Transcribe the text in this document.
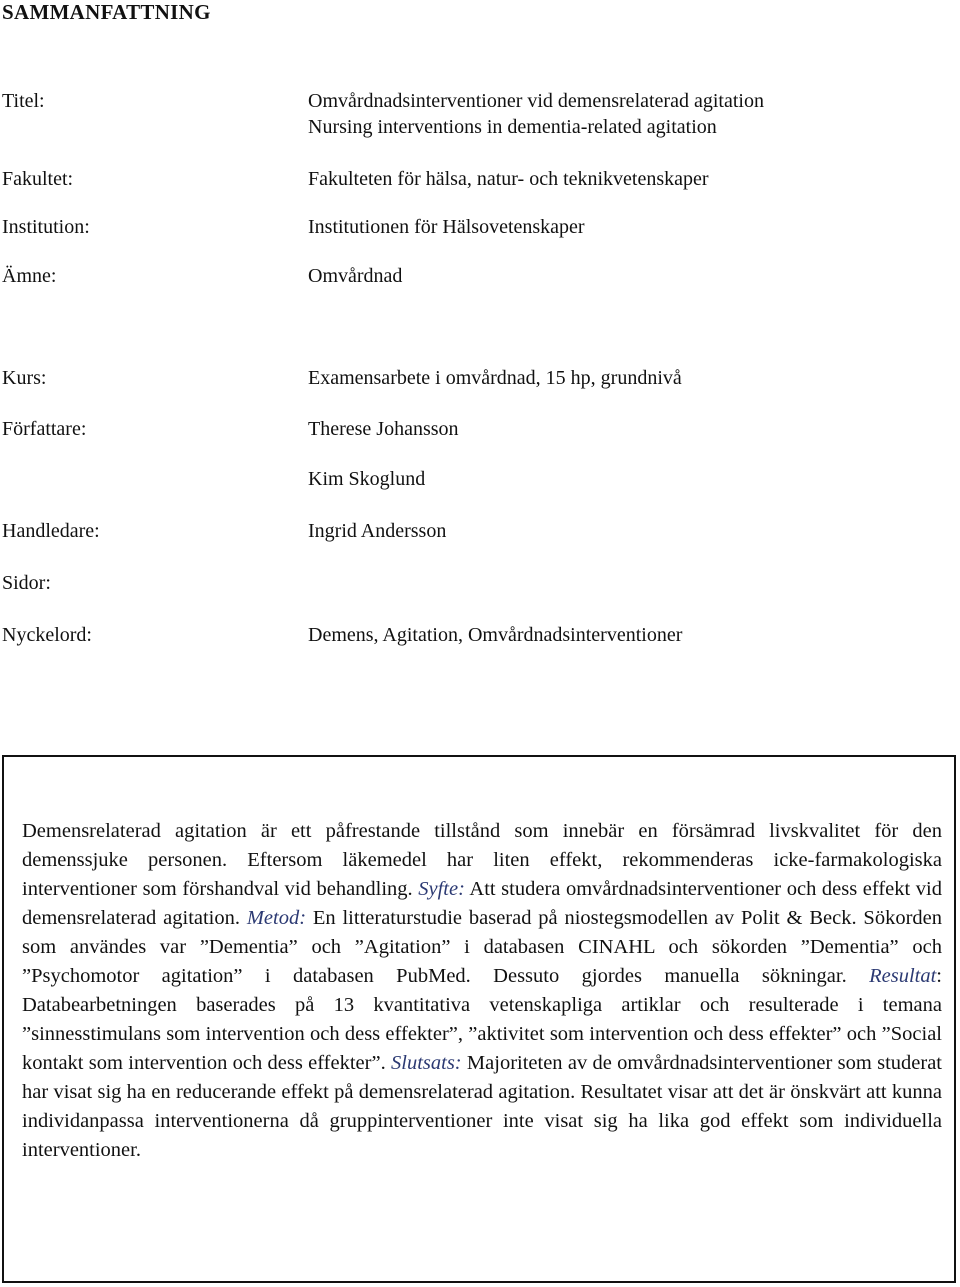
SAMMANFATTNING
Titel:	Omvårdnadsinterventioner vid demensrelaterad agitation
Nursing interventions in dementia-related agitation
Fakultet:	Fakulteten för hälsa, natur- och teknikvetenskaper
Institution:	Institutionen för Hälsovetenskaper
Ämne:	Omvårdnad
Kurs:	Examensarbete i omvårdnad, 15 hp, grundnivå
Författare:	Therese Johansson
Kim Skoglund
Handledare:	Ingrid Andersson
Sidor:
Nyckelord:	Demens, Agitation, Omvårdnadsinterventioner

Demensrelaterad agitation är ett påfrestande tillstånd som innebär en försämrad livskvalitet för den demenssjuke personen. Eftersom läkemedel har liten effekt, rekommenderas icke-farmakologiska interventioner som förshandval vid behandling. Syfte: Att studera omvårdnadsinterventioner och dess effekt vid demensrelaterad agitation. Metod: En litteraturstudie baserad på niostegsmodellen av Polit & Beck. Sökorden som användes var ”Dementia” och ”Agitation” i databasen CINAHL och sökorden ”Dementia” och ”Psychomotor agitation” i databasen PubMed. Dessuto gjordes manuella sökningar. Resultat: Databearbetningen baserades på 13 kvantitativa vetenskapliga artiklar och resulterade i temana ”sinnesstimulans som intervention och dess effekter”, ”aktivitet som intervention och dess effekter” och ”Social kontakt som intervention och dess effekter”. Slutsats: Majoriteten av de omvårdnadsinterventioner som studerat har visat sig ha en reducerande effekt på demensrelaterad agitation. Resultatet visar att det är önskvärt att kunna individanpassa interventionerna då gruppinterventioner inte visat sig ha lika god effekt som individuella interventioner.
